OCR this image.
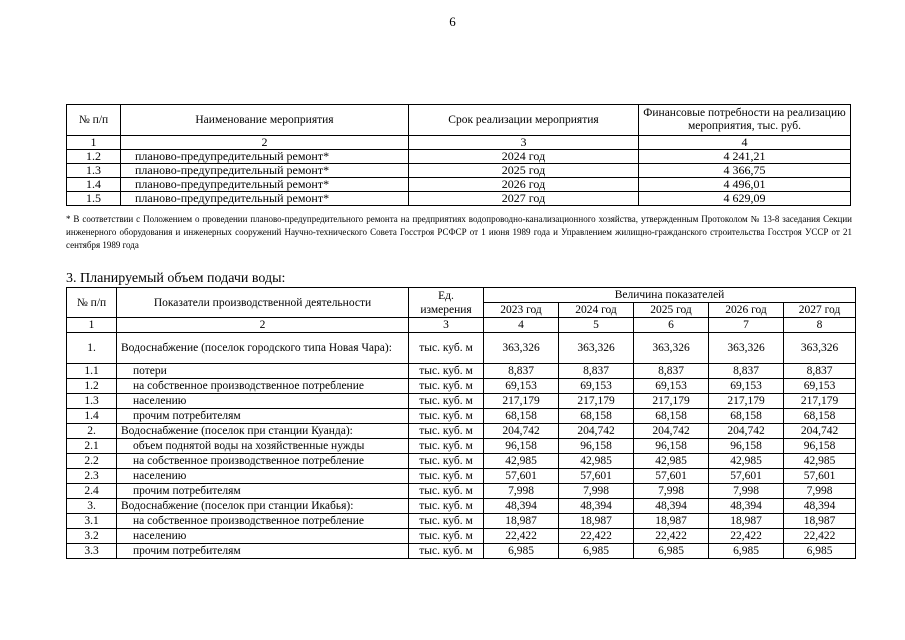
6
№ п/п	Наименование мероприятия	Срок реализации мероприятия	Финансовые потребности на реализацию мероприятия, тыс. руб.
1	2	3	4
1.2	планово-предупредительный ремонт*	2024 год	4 241,21
1.3	планово-предупредительный ремонт*	2025 год	4 366,75
1.4	планово-предупредительный ремонт*	2026 год	4 496,01
1.5	планово-предупредительный ремонт*	2027 год	4 629,09
* В соответствии с Положением о проведении планово-предупредительного ремонта на предприятиях водопроводно-канализационного хозяйства, утвержденным Протоколом № 13-8 заседания Секции инженерного оборудования и инженерных сооружений Научно-технического Совета Госстроя РСФСР от 1 июня 1989 года и Управлением жилищно-гражданского строительства Госстроя УССР от 21 сентября 1989 года
3. Планируемый объем подачи воды:
№ п/п	Показатели производственной деятельности	Ед. измерения	Величина показателей				
			2023 год	2024 год	2025 год	2026 год	2027 год
1	2	3	4	5	6	7	8
1.	Водоснабжение (поселок городского типа Новая Чара):	тыс. куб. м	363,326	363,326	363,326	363,326	363,326
1.1	потери	тыс. куб. м	8,837	8,837	8,837	8,837	8,837
1.2	на собственное производственное потребление	тыс. куб. м	69,153	69,153	69,153	69,153	69,153
1.3	населению	тыс. куб. м	217,179	217,179	217,179	217,179	217,179
1.4	прочим потребителям	тыс. куб. м	68,158	68,158	68,158	68,158	68,158
2.	Водоснабжение (поселок при станции Куанда):	тыс. куб. м	204,742	204,742	204,742	204,742	204,742
2.1	объем поднятой воды на хозяйственные нужды	тыс. куб. м	96,158	96,158	96,158	96,158	96,158
2.2	на собственное производственное потребление	тыс. куб. м	42,985	42,985	42,985	42,985	42,985
2.3	населению	тыс. куб. м	57,601	57,601	57,601	57,601	57,601
2.4	прочим потребителям	тыс. куб. м	7,998	7,998	7,998	7,998	7,998
3.	Водоснабжение (поселок при станции Икабья):	тыс. куб. м	48,394	48,394	48,394	48,394	48,394
3.1	на собственное производственное потребление	тыс. куб. м	18,987	18,987	18,987	18,987	18,987
3.2	населению	тыс. куб. м	22,422	22,422	22,422	22,422	22,422
3.3	прочим потребителям	тыс. куб. м	6,985	6,985	6,985	6,985	6,985
